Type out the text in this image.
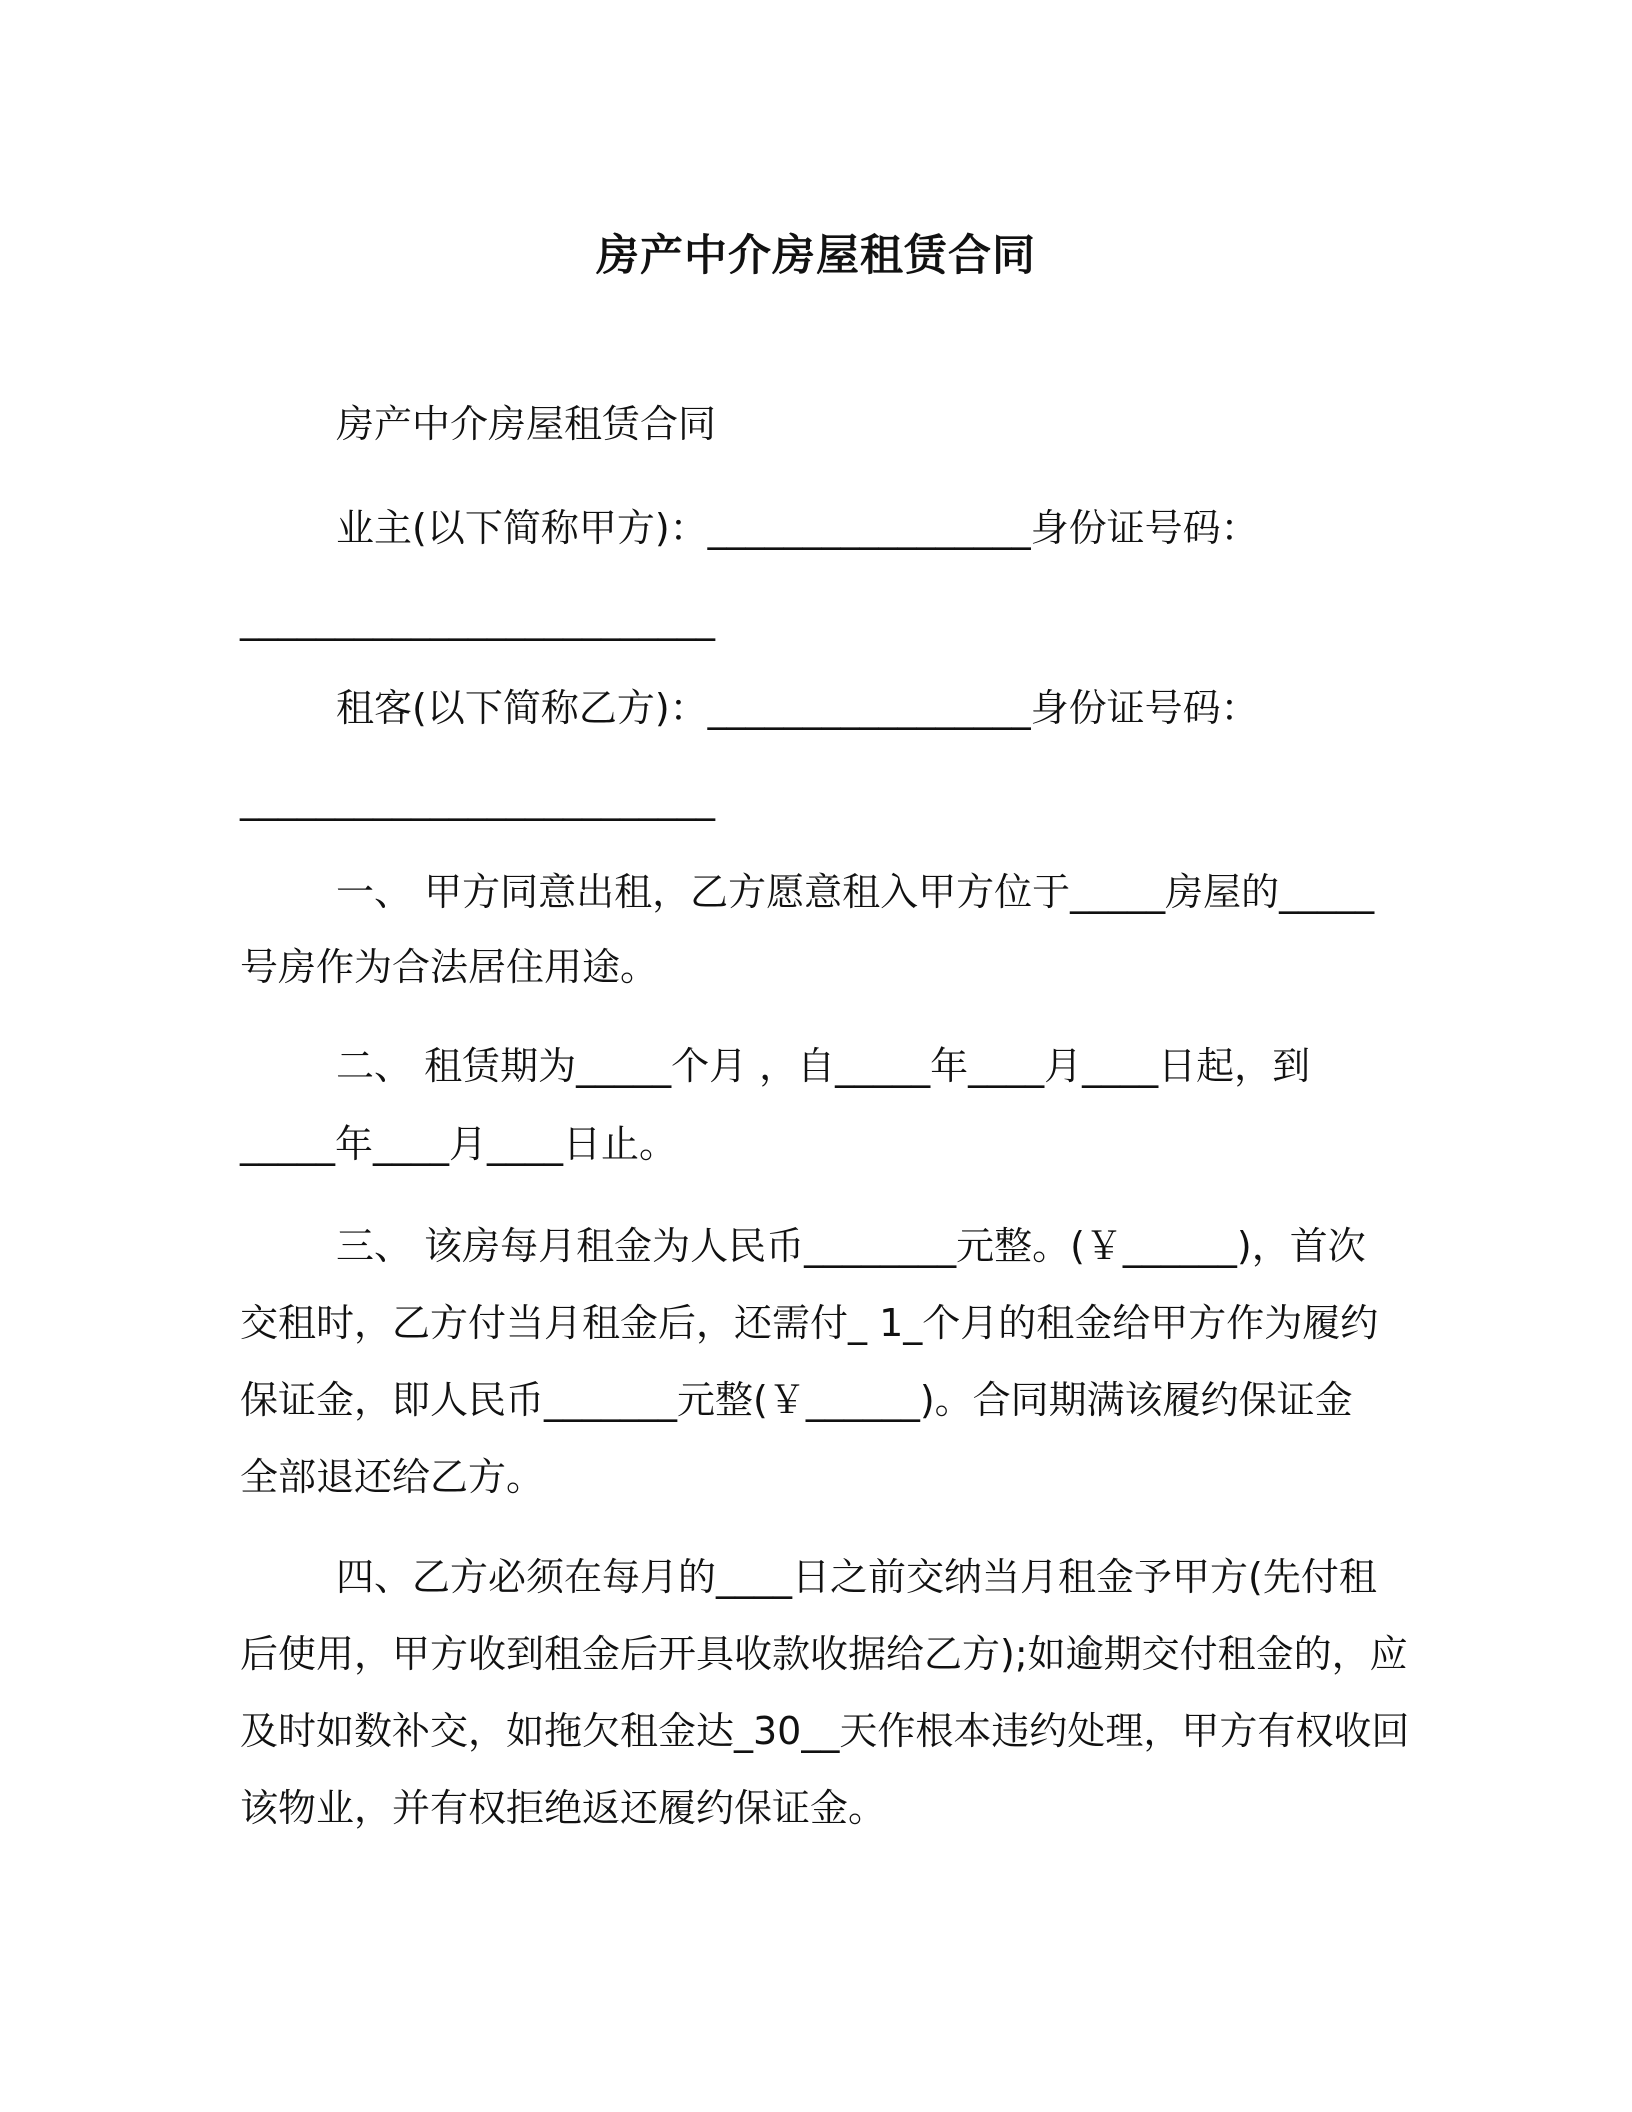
房产中介房屋租赁合同

房产中介房屋租赁合同

业主(以下简称甲方)：_________________身份证号码：

_________________________

租客(以下简称乙方)：_________________身份证号码：

_________________________

一、 甲方同意出租，乙方愿意租入甲方位于_____房屋的_____

号房作为合法居住用途。

二、 租赁期为_____个月 ，自_____年____月____日起，到

_____年____月____日止。

三、 该房每月租金为人民币________元整。(￥______)，首次

交租时，乙方付当月租金后，还需付_ 1_个月的租金给甲方作为履约

保证金，即人民币_______元整(￥______)。合同期满该履约保证金

全部退还给乙方。

四、乙方必须在每月的____日之前交纳当月租金予甲方(先付租

后使用，甲方收到租金后开具收款收据给乙方);如逾期交付租金的，应

及时如数补交，如拖欠租金达_30__天作根本违约处理，甲方有权收回

该物业，并有权拒绝返还履约保证金。
